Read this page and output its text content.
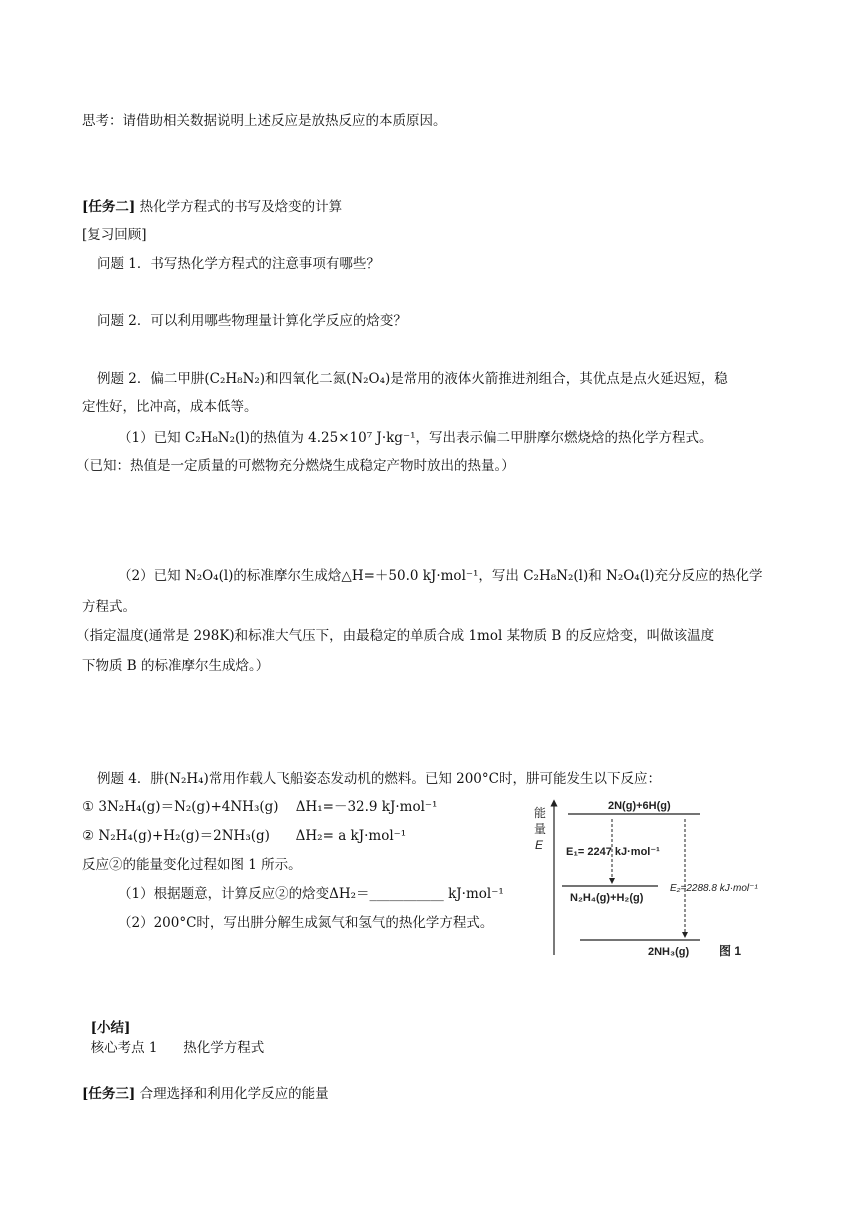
思考：请借助相关数据说明上述反应是放热反应的本质原因。
[任务二] 热化学方程式的书写及焓变的计算
[复习回顾]
问题 1．书写热化学方程式的注意事项有哪些？
问题 2．可以利用哪些物理量计算化学反应的焓变？
例题 2．偏二甲肼(C₂H₈N₂)和四氧化二氮(N₂O₄)是常用的液体火箭推进剂组合，其优点是点火延迟短，稳
定性好，比冲高，成本低等。
（1）已知 C₂H₈N₂(l)的热值为 4.25×10⁷ J·kg⁻¹，写出表示偏二甲肼摩尔燃烧焓的热化学方程式。
（已知：热值是一定质量的可燃物充分燃烧生成稳定产物时放出的热量。）
（2）已知 N₂O₄(l)的标准摩尔生成焓△H=＋50.0 kJ·mol⁻¹，写出 C₂H₈N₂(l)和 N₂O₄(l)充分反应的热化学
方程式。
（指定温度(通常是 298K)和标准大气压下，由最稳定的单质合成 1mol 某物质 B 的反应焓变，叫做该温度
下物质 B 的标准摩尔生成焓。）
例题 4．肼(N₂H₄)常用作载人飞船姿态发动机的燃料。已知 200°C时，肼可能发生以下反应：
① 3N₂H₄(g)＝N₂(g)+4NH₃(g)    ΔH₁=－32.9 kJ·mol⁻¹
② N₂H₄(g)+H₂(g)＝2NH₃(g)      ΔH₂= a kJ·mol⁻¹
反应②的能量变化过程如图 1 所示。
（1）根据题意，计算反应②的焓变ΔH₂＝___________ kJ·mol⁻¹
（2）200°C时，写出肼分解生成氮气和氢气的热化学方程式。
能
量
E
2N(g)+6H(g)
N₂H₄(g)+H₂(g)
2NH₃(g)
E₁= 2247 kJ·mol⁻¹
E₂=2288.8 kJ·mol⁻¹
图 1

[小结]
核心考点 1      热化学方程式

[任务三] 合理选择和利用化学反应的能量
